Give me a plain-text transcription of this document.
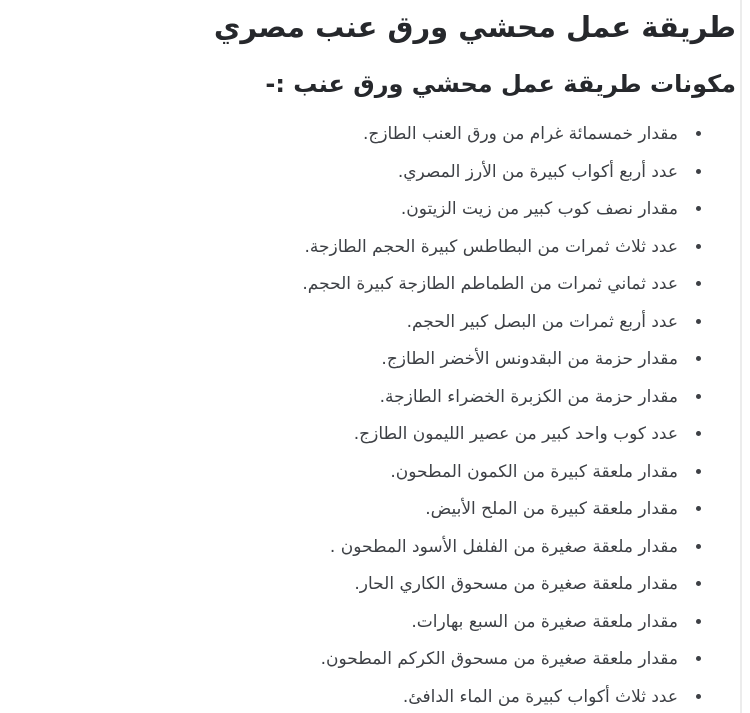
طريقة عمل محشي ورق عنب مصري
مكونات طريقة عمل محشي ورق عنب :-
• مقدار خمسمائة غرام من ورق العنب الطازج.
• عدد أربع أكواب كبيرة من الأرز المصري.
• مقدار نصف كوب كبير من زيت الزيتون.
• عدد ثلاث ثمرات من البطاطس كبيرة الحجم الطازجة.
• عدد ثماني ثمرات من الطماطم الطازجة كبيرة الحجم.
• عدد أربع ثمرات من البصل كبير الحجم.
• مقدار حزمة من البقدونس الأخضر الطازج.
• مقدار حزمة من الكزبرة الخضراء الطازجة.
• عدد كوب واحد كبير من عصير الليمون الطازج.
• مقدار ملعقة كبيرة من الكمون المطحون.
• مقدار ملعقة كبيرة من الملح الأبيض.
• مقدار ملعقة صغيرة من الفلفل الأسود المطحون .
• مقدار ملعقة صغيرة من مسحوق الكاري الحار.
• مقدار ملعقة صغيرة من السبع بهارات.
• مقدار ملعقة صغيرة من مسحوق الكركم المطحون.
• عدد ثلاث أكواب كبيرة من الماء الدافئ.
